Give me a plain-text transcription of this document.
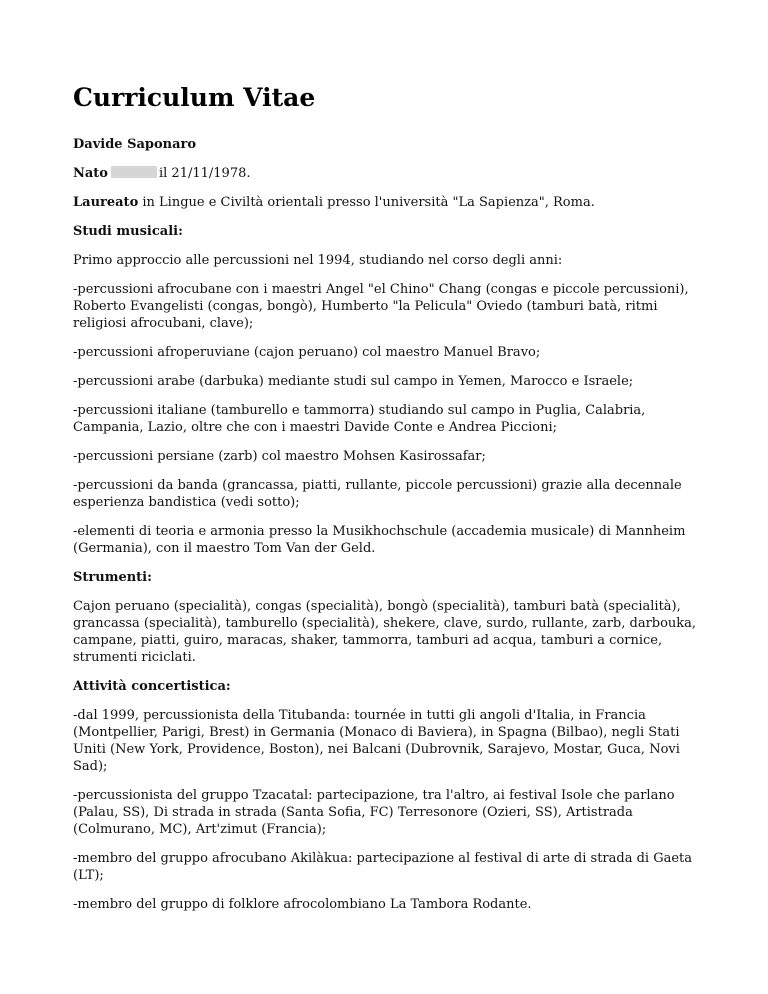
Curriculum Vitae

Davide Saponaro

Nato	il 21/11/1978.

Laureato in Lingue e Civiltà orientali presso l'università "La Sapienza", Roma.

Studi musicali:

Primo approccio alle percussioni nel 1994, studiando nel corso degli anni:

-percussioni afrocubane con i maestri Angel "el Chino" Chang (congas e piccole percussioni), Roberto Evangelisti (congas, bongò), Humberto "la Pelicula" Oviedo (tamburi batà, ritmi religiosi afrocubani, clave);

-percussioni afroperuviane (cajon peruano) col maestro Manuel Bravo;

-percussioni arabe (darbuka) mediante studi sul campo in Yemen, Marocco e Israele;

-percussioni italiane (tamburello e tammorra) studiando sul campo in Puglia, Calabria, Campania, Lazio, oltre che con i maestri Davide Conte e Andrea Piccioni;

-percussioni persiane (zarb) col maestro Mohsen Kasirossafar;

-percussioni da banda (grancassa, piatti, rullante, piccole percussioni) grazie alla decennale esperienza bandistica (vedi sotto);

-elementi di teoria e armonia presso la Musikhochschule (accademia musicale) di Mannheim (Germania), con il maestro Tom Van der Geld.

Strumenti:

Cajon peruano (specialità), congas (specialità), bongò (specialità), tamburi batà (specialità), grancassa (specialità), tamburello (specialità), shekere, clave, surdo, rullante, zarb, darbouka, campane, piatti, guiro, maracas, shaker, tammorra, tamburi ad acqua, tamburi a cornice, strumenti riciclati.

Attività concertistica:

-dal 1999, percussionista della Titubanda: tournée in tutti gli angoli d'Italia, in Francia (Montpellier, Parigi, Brest) in Germania (Monaco di Baviera), in Spagna (Bilbao), negli Stati Uniti (New York, Providence, Boston), nei Balcani (Dubrovnik, Sarajevo, Mostar, Guca, Novi Sad);

-percussionista del gruppo Tzacatal: partecipazione, tra l'altro, ai festival Isole che parlano (Palau, SS), Di strada in strada (Santa Sofia, FC) Terresonore (Ozieri, SS), Artistrada (Colmurano, MC), Art'zimut (Francia);

-membro del gruppo afrocubano Akilàkua: partecipazione al festival di arte di strada di Gaeta (LT);

-membro del gruppo di folklore afrocolombiano La Tambora Rodante.
